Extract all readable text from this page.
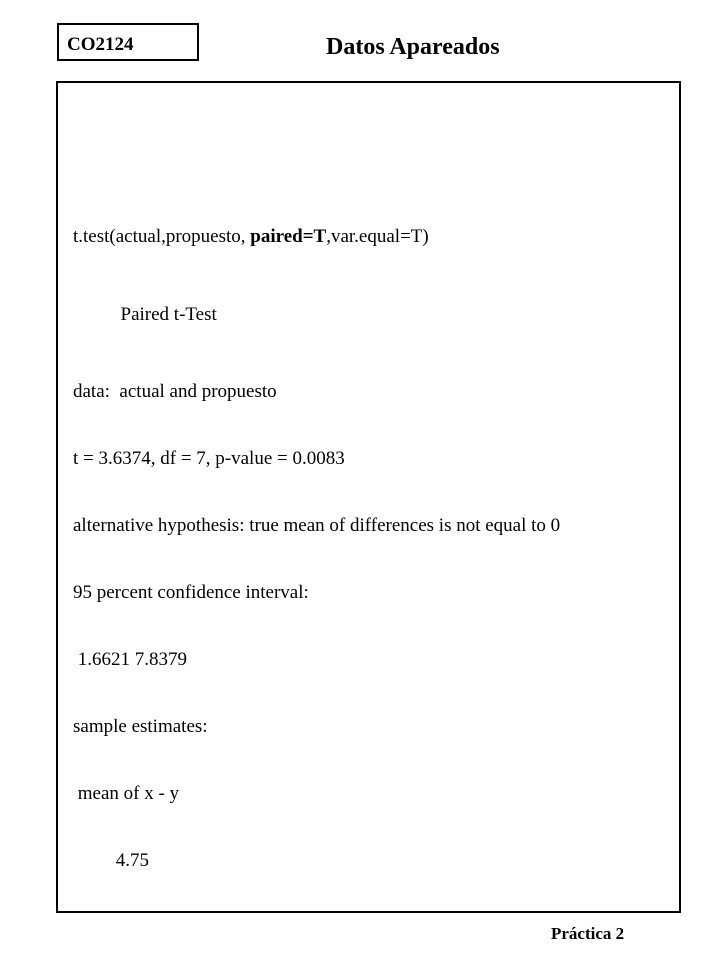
CO2124	Datos Apareados

t.test(actual,propuesto, paired=T,var.equal=T)

Paired t-Test

data:  actual and propuesto

t = 3.6374, df = 7, p-value = 0.0083

alternative hypothesis: true mean of differences is not equal to 0

95 percent confidence interval:

1.6621 7.8379

sample estimates:

mean of x - y

4.75

Práctica 2
